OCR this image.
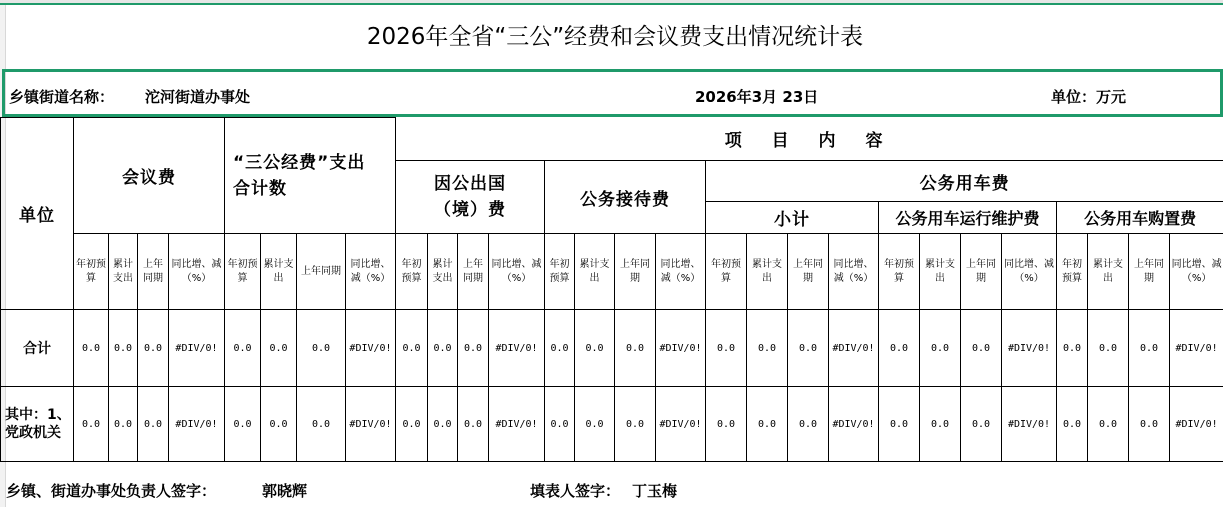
2026年全省“三公”经费和会议费支出情况统计表
乡镇街道名称： 沱河街道办事处	2026年3月 23日	单位：万元
单位	会议费				“三公经费”支出 合计数				项 目 内 容																			
									因公出国（境）费				公务接待费				公务用车费											
																	小计				公务用车运行维护费				公务用车购置费			
	年初预算	累计支出	上年同期	同比增、减（%）	年初预算	累计支出	上年同期	同比增、减（%）	年初预算	累计支出	上年同期	同比增、减（%）	年初预算	累计支出	上年同期	同比增、减（%）	年初预算	累计支出	上年同期	同比增、减（%）	年初预算	累计支出	上年同期	同比增、减（%）	年初预算	累计支出	上年同期	同比增、减（%）
合计	0.0	0.0	0.0	#DIV/0!	0.0	0.0	0.0	#DIV/0!	0.0	0.0	0.0	#DIV/0!	0.0	0.0	0.0	#DIV/0!	0.0	0.0	0.0	#DIV/0!	0.0	0.0	0.0	#DIV/0!	0.0	0.0	0.0	#DIV/0!
其中：1、党政机关	0.0	0.0	0.0	#DIV/0!	0.0	0.0	0.0	#DIV/0!	0.0	0.0	0.0	#DIV/0!	0.0	0.0	0.0	#DIV/0!	0.0	0.0	0.0	#DIV/0!	0.0	0.0	0.0	#DIV/0!	0.0	0.0	0.0	#DIV/0!
乡镇、街道办事处负责人签字：	郭晓辉	填表人签字： 丁玉梅
